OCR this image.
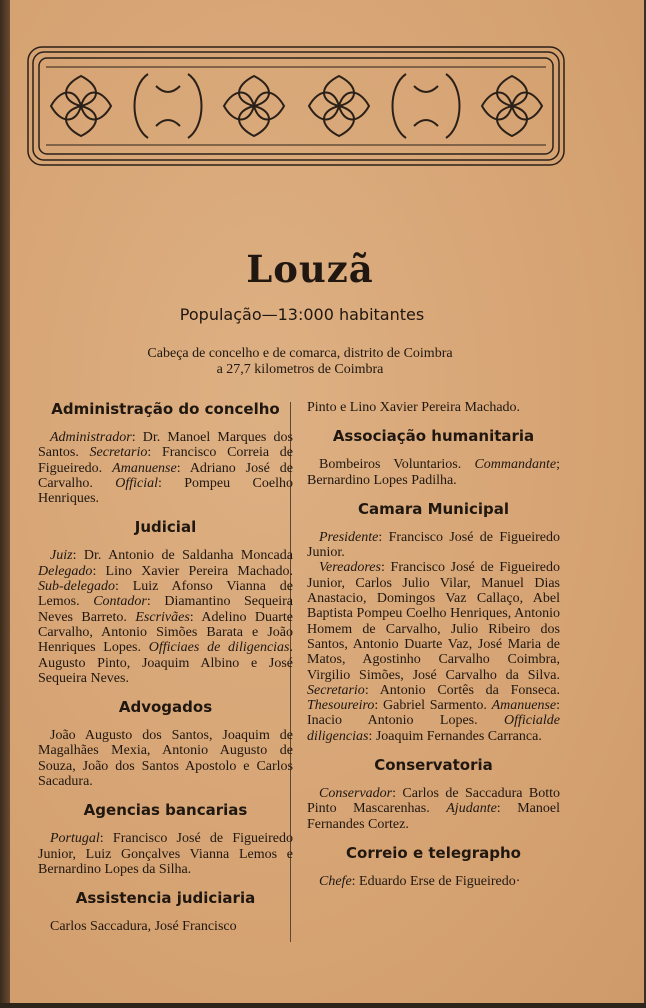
Louzã
População—13:000 habitantes
Cabeça de concelho e de comarca, distrito de Coimbra
a 27,7 kilometros de Coimbra
Administração do concelho

Administrador: Dr. Manoel Marques dos Santos. Secretario: Francisco Correia de Figueiredo. Amanuense: Adriano José de Carvalho. Official: Pompeu Coelho Henriques.

Judicial

Juiz: Dr. Antonio de Saldanha Moncada Delegado: Lino Xavier Pereira Machado. Sub-delegado: Luiz Afonso Vianna de Lemos. Contador: Diamantino Sequeira Neves Barreto. Escrivães: Adelino Duarte Carvalho, Antonio Simões Barata e João Henriques Lopes. Officiaes de diligencias. Augusto Pinto, Joaquim Albino e José Sequeira Neves.

Advogados

João Augusto dos Santos, Joaquim de Magalhães Mexia, Antonio Augusto de Souza, João dos Santos Apostolo e Carlos Sacadura.

Agencias bancarias

Portugal: Francisco José de Figueiredo Junior, Luiz Gonçalves Vianna Lemos e Bernardino Lopes da Silha.

Assistencia judiciaria

Carlos Saccadura, José Francisco

Pinto e Lino Xavier Pereira Machado.

Associação humanitaria

Bombeiros Voluntarios. Commandante; Bernardino Lopes Padilha.

Camara Municipal

Presidente: Francisco José de Figueiredo Junior.

Vereadores: Francisco José de Figueiredo Junior, Carlos Julio Vilar, Manuel Dias Anastacio, Domingos Vaz Callaço, Abel Baptista Pompeu Coelho Henriques, Antonio Homem de Carvalho, Julio Ribeiro dos Santos, Antonio Duarte Vaz, José Maria de Matos, Agostinho Carvalho Coimbra, Virgilio Simões, José Carvalho da Silva. Secretario: Antonio Cortês da Fonseca. Thesoureiro: Gabriel Sarmento. Amanuense: Inacio Antonio Lopes. Officialde diligencias: Joaquim Fernandes Carranca.

Conservatoria

Conservador: Carlos de Saccadura Botto Pinto Mascarenhas. Ajudante: Manoel Fernandes Cortez.

Correio e telegrapho

Chefe: Eduardo Erse de Figueiredo·
